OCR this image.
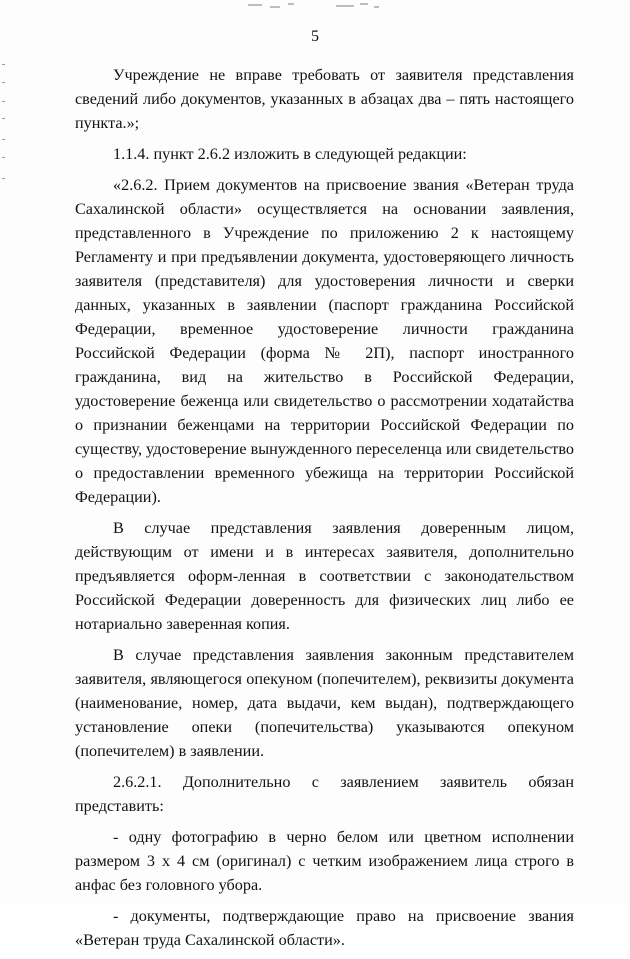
5

Учреждение не вправе требовать от заявителя представления сведений либо документов, указанных в абзацах два – пять настоящего пункта.»;

1.1.4. пункт 2.6.2 изложить в следующей редакции:

«2.6.2. Прием документов на присвоение звания «Ветеран труда Сахалинской области» осуществляется на основании заявления, представленного в Учреждение по приложению 2 к настоящему Регламенту и при предъявлении документа, удостоверяющего личность заявителя (представителя) для удостоверения личности и сверки данных, указанных в заявлении (паспорт гражданина Российской Федерации, временное удостоверение личности гражданина Российской Федерации (форма № 2П), паспорт иностранного гражданина, вид на жительство в Российской Федерации, удостоверение беженца или свидетельство о рассмотрении ходатайства о признании беженцами на территории Российской Федерации по существу, удостоверение вынужденного переселенца или свидетельство о предоставлении временного убежища на территории Российской Федерации).

В случае представления заявления доверенным лицом, действующим от имени и в интересах заявителя, дополнительно предъявляется оформ-ленная в соответствии с законодательством Российской Федерации доверенность для физических лиц либо ее нотариально заверенная копия.

В случае представления заявления законным представителем заявителя, являющегося опекуном (попечителем), реквизиты документа (наименование, номер, дата выдачи, кем выдан), подтверждающего установление опеки (попечительства) указываются опекуном (попечителем) в заявлении.

2.6.2.1. Дополнительно с заявлением заявитель обязан представить:

- одну фотографию в черно белом или цветном исполнении размером 3 х 4 см (оригинал) с четким изображением лица строго в анфас без головного убора.

- документы, подтверждающие право на присвоение звания «Ветеран труда Сахалинской области».
